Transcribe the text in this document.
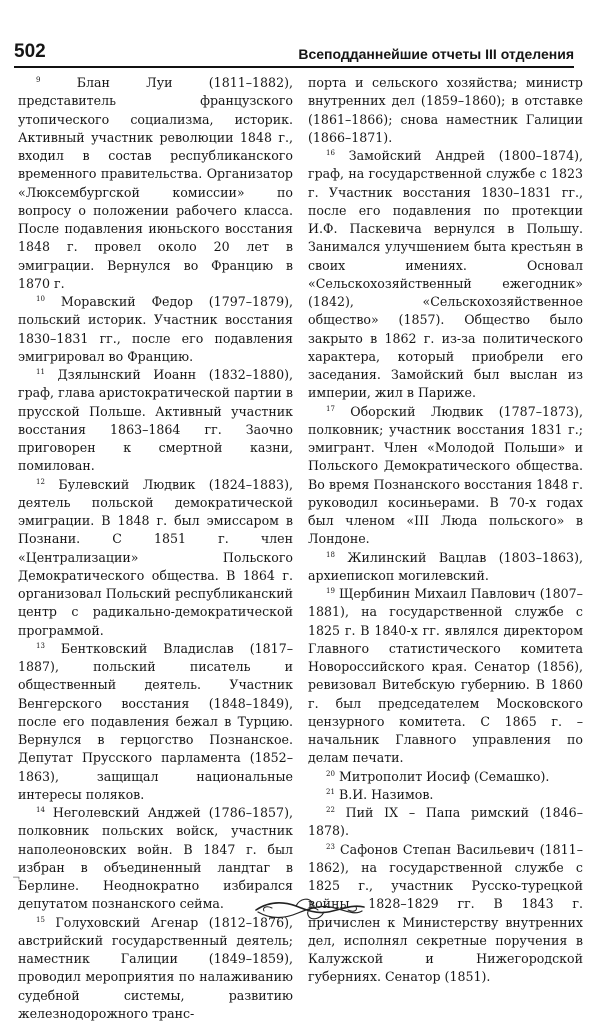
502	Всеподданнейшие отчеты III отделения

$^9$	Блан Луи (1811–1882), представитель французского утопического социализма, историк. Активный участник революции 1848 г., входил в состав республиканского временного правительства. Организатор «Люксембургской комиссии» по вопросу о положении рабочего класса. После подавления июньского восстания 1848 г. провел около 20 лет в эмиграции. Вернулся во Францию в 1870 г.

$^{10}$ Моравский Федор (1797–1879), польский историк. Участник восстания 1830–1831 гг., после его подавления эмигрировал во Францию.

$^{11}$ Дзялынский Иоанн (1832–1880), граф, глава аристократической партии в прусской Польше. Активный участник восстания 1863–1864 гг. Заочно приговорен к смертной казни, помилован.

$^{12}$ Булевский Людвик (1824–1883), деятель польской демократической эмиграции. В 1848 г. был эмиссаром в Познани. С 1851 г. член «Централизации» Польского Демократического общества. В 1864 г. организовал Польский республиканский центр с радикально-демократической программой.

$^{13}$ Бентковский Владислав (1817–1887), польский писатель и общественный деятель. Участник Венгерского восстания (1848–1849), после его подавления бежал в Турцию. Вернулся в герцогство Познанское. Депутат Прусского парламента (1852–1863), защищал национальные интересы поляков.

$^{14}$ Неголевский Анджей (1786–1857), полковник польских войск, участник наполеоновских войн. В 1847 г. был избран в объединенный ландтаг в Берлине. Неоднократно избирался депутатом познанского сейма.

$^{15}$ Голуховский Агенар (1812–1876), австрийский государственный деятель; наместник Галиции (1849–1859), проводил мероприятия по налаживанию судебной системы, развитию железнодорожного транс-

порта и сельского хозяйства; министр внутренних дел (1859–1860); в отставке (1861–1866); снова наместник Галиции (1866–1871).

$^{16}$ Замойский Андрей (1800–1874), граф, на государственной службе с 1823 г. Участник восстания 1830–1831 гг., после его подавления по протекции И.Ф. Паскевича вернулся в Польшу. Занимался улучшением быта крестьян в своих имениях. Основал «Сельскохозяйственный ежегодник» (1842), «Сельскохозяйственное общество» (1857). Общество было закрыто в 1862 г. из-за политического характера, который приобрели его заседания. Замойский был выслан из империи, жил в Париже.

$^{17}$ Оборский Людвик (1787–1873), полковник; участник восстания 1831 г.; эмигрант. Член «Молодой Польши» и Польского Демократического общества. Во время Познанского восстания 1848 г. руководил косиньерами. В 70-х годах был членом «III Люда польского» в Лондоне.

$^{18}$ Жилинский Вацлав (1803–1863), архиепископ могилевский.

$^{19}$ Щербинин Михаил Павлович (1807–1881), на государственной службе с 1825 г. В 1840-х гг. являлся директором Главного статистического комитета Новороссийского края. Сенатор (1856), ревизовал Витебскую губернию. В 1860 г. был председателем Московского цензурного комитета. С 1865 г. – начальник Главного управления по делам печати.

$^{20}$ Митрополит Иосиф (Семашко).

$^{21}$ В.И. Назимов.

$^{22}$ Пий IX – Папа римский (1846–1878).

$^{23}$ Сафонов Степан Васильевич (1811–1862), на государственной службе с 1825 г., участник Русско-турецкой войны 1828–1829 гг. В 1843 г. причислен к Министерству внутренних дел, исполнял секретные поручения в Калужской и Нижегородской губерниях. Сенатор (1851).

¬.
